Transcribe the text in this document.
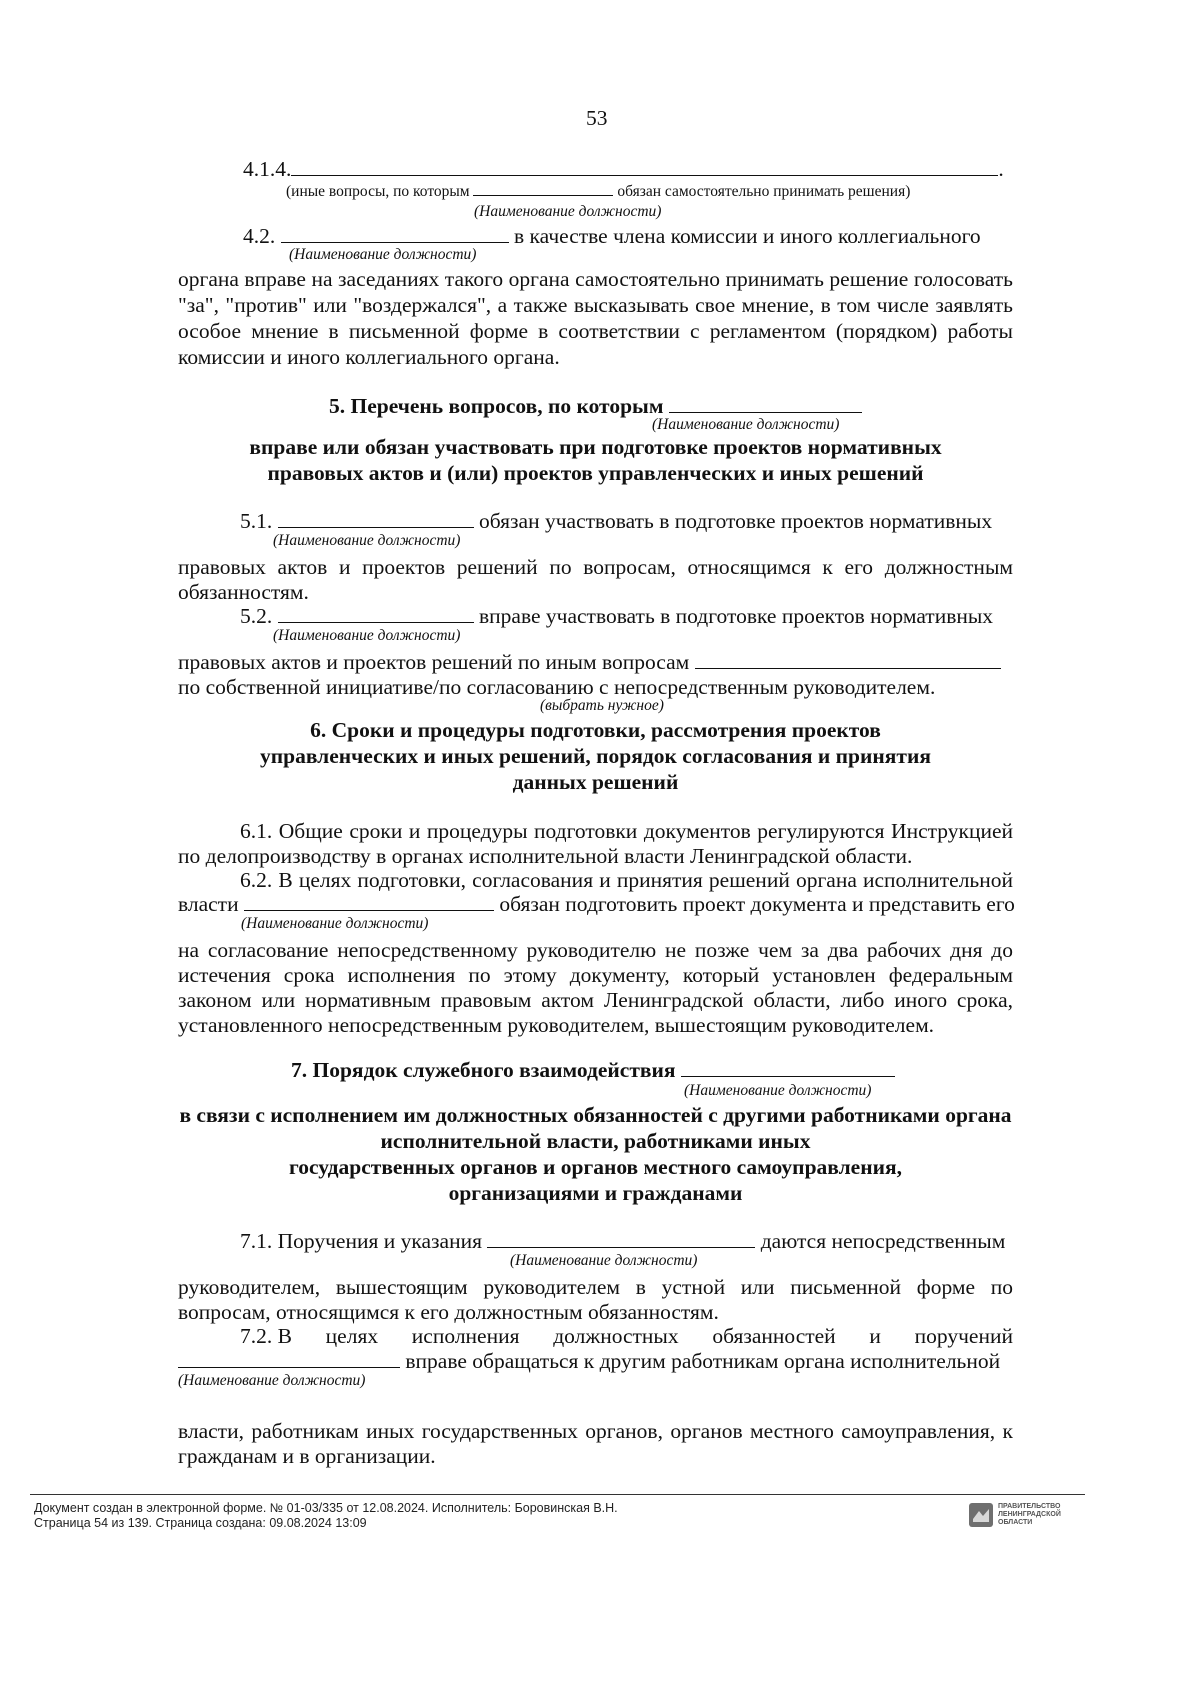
53
4.1.4.	.
(иные вопросы, по которым	обязан самостоятельно принимать решения)
(Наименование должности)
4.2.	в качестве члена комиссии и иного коллегиального
(Наименование должности)
органа вправе на заседаниях такого органа самостоятельно принимать решение голосовать
"за", "против" или "воздержался", а также высказывать свое мнение, в том числе заявлять
особое мнение в письменной форме в соответствии с регламентом (порядком) работы
комиссии и иного коллегиального органа.
5. Перечень вопросов, по которым
(Наименование должности)
вправе или обязан участвовать при подготовке проектов нормативных
правовых актов и (или) проектов управленческих и иных решений
5.1.	обязан участвовать в подготовке проектов нормативных
(Наименование должности)
правовых актов и проектов решений по вопросам, относящимся к его должностным
обязанностям.
5.2.	вправе участвовать в подготовке проектов нормативных
(Наименование должности)
правовых актов и проектов решений по иным вопросам
по собственной инициативе/по согласованию с непосредственным руководителем.
(выбрать нужное)
6. Сроки и процедуры подготовки, рассмотрения проектов
управленческих и иных решений, порядок согласования и принятия
данных решений
6.1. Общие сроки и процедуры подготовки документов регулируются Инструкцией
по делопроизводству в органах исполнительной власти Ленинградской области.
6.2. В целях подготовки, согласования и принятия решений органа исполнительной
власти	обязан подготовить проект документа и представить его
(Наименование должности)
на согласование непосредственному руководителю не позже чем за два рабочих дня до
истечения срока исполнения по этому документу, который установлен федеральным
законом или нормативным правовым актом Ленинградской области, либо иного срока,
установленного непосредственным руководителем, вышестоящим руководителем.
7. Порядок служебного взаимодействия
(Наименование должности)
в связи с исполнением им должностных обязанностей с другими работниками органа
исполнительной власти, работниками иных
государственных органов и органов местного самоуправления,
организациями и гражданами
7.1. Поручения и указания	даются непосредственным
(Наименование должности)
руководителем, вышестоящим руководителем в устной или письменной форме по
вопросам, относящимся к его должностным обязанностям.
7.2. В целях исполнения должностных обязанностей и поручений
вправе обращаться к другим работникам органа исполнительной
(Наименование должности)
власти, работникам иных государственных органов, органов местного самоуправления, к
гражданам и в организации.
Документ создан в электронной форме. № 01-03/335 от 12.08.2024. Исполнитель: Боровинская В.Н.
Страница 54 из 139. Страница создана: 09.08.2024 13:09
ПРАВИТЕЛЬСТВО
ЛЕНИНГРАДСКОЙ
ОБЛАСТИ
